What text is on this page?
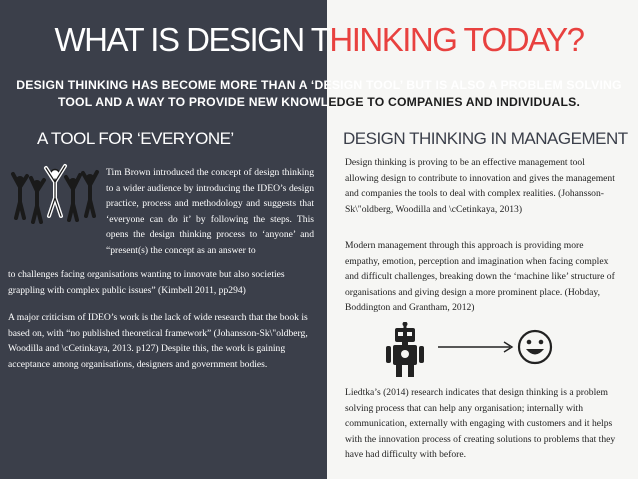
WHAT IS DESIGN THINKING TODAY?
DESIGN THINKING HAS BECOME MORE THAN A ‘DESIGN TOOL’ BUT IS ALSO A PROBLEM SOLVING
TOOL AND A WAY TO PROVIDE NEW KNOWLEDGE TO COMPANIES AND INDIVIDUALS.
A TOOL FOR ‘EVERYONE’	DESIGN THINKING IN MANAGEMENT
Tim Brown introduced the concept of design thinking to a wider audience by introducing the IDEO’s design practice, process and methodology and suggests that ‘everyone can do it’ by following the steps. This opens the design thinking process to ‘anyone’ and “present(s) the concept as an answer to
to challenges facing organisations wanting to innovate but also societies grappling with complex public issues” (Kimbell 2011, pp294)
A major criticism of IDEO’s work is the lack of wide research that the book is based on, with “no published theoretical framework” (Johansson-Sk\"oldberg, Woodilla and \cCetinkaya, 2013. p127) Despite this, the work is gaining acceptance among organisations, designers and government bodies.
Design thinking is proving to be an effective management tool allowing design to contribute to innovation and gives the management and companies the tools to deal with complex realities. (Johansson-Sk\"oldberg, Woodilla and \cCetinkaya, 2013)
Modern management through this approach is providing more empathy, emotion, perception and imagination when facing complex and difficult challenges, breaking down the ‘machine like’ structure of organisations and giving design a more prominent place. (Hobday, Boddington and Grantham, 2012)
Liedtka’s (2014) research indicates that design thinking is a problem solving process that can help any organisation; internally with communication, externally with engaging with customers and it helps with the innovation process of creating solutions to problems that they have had difficulty with before.
